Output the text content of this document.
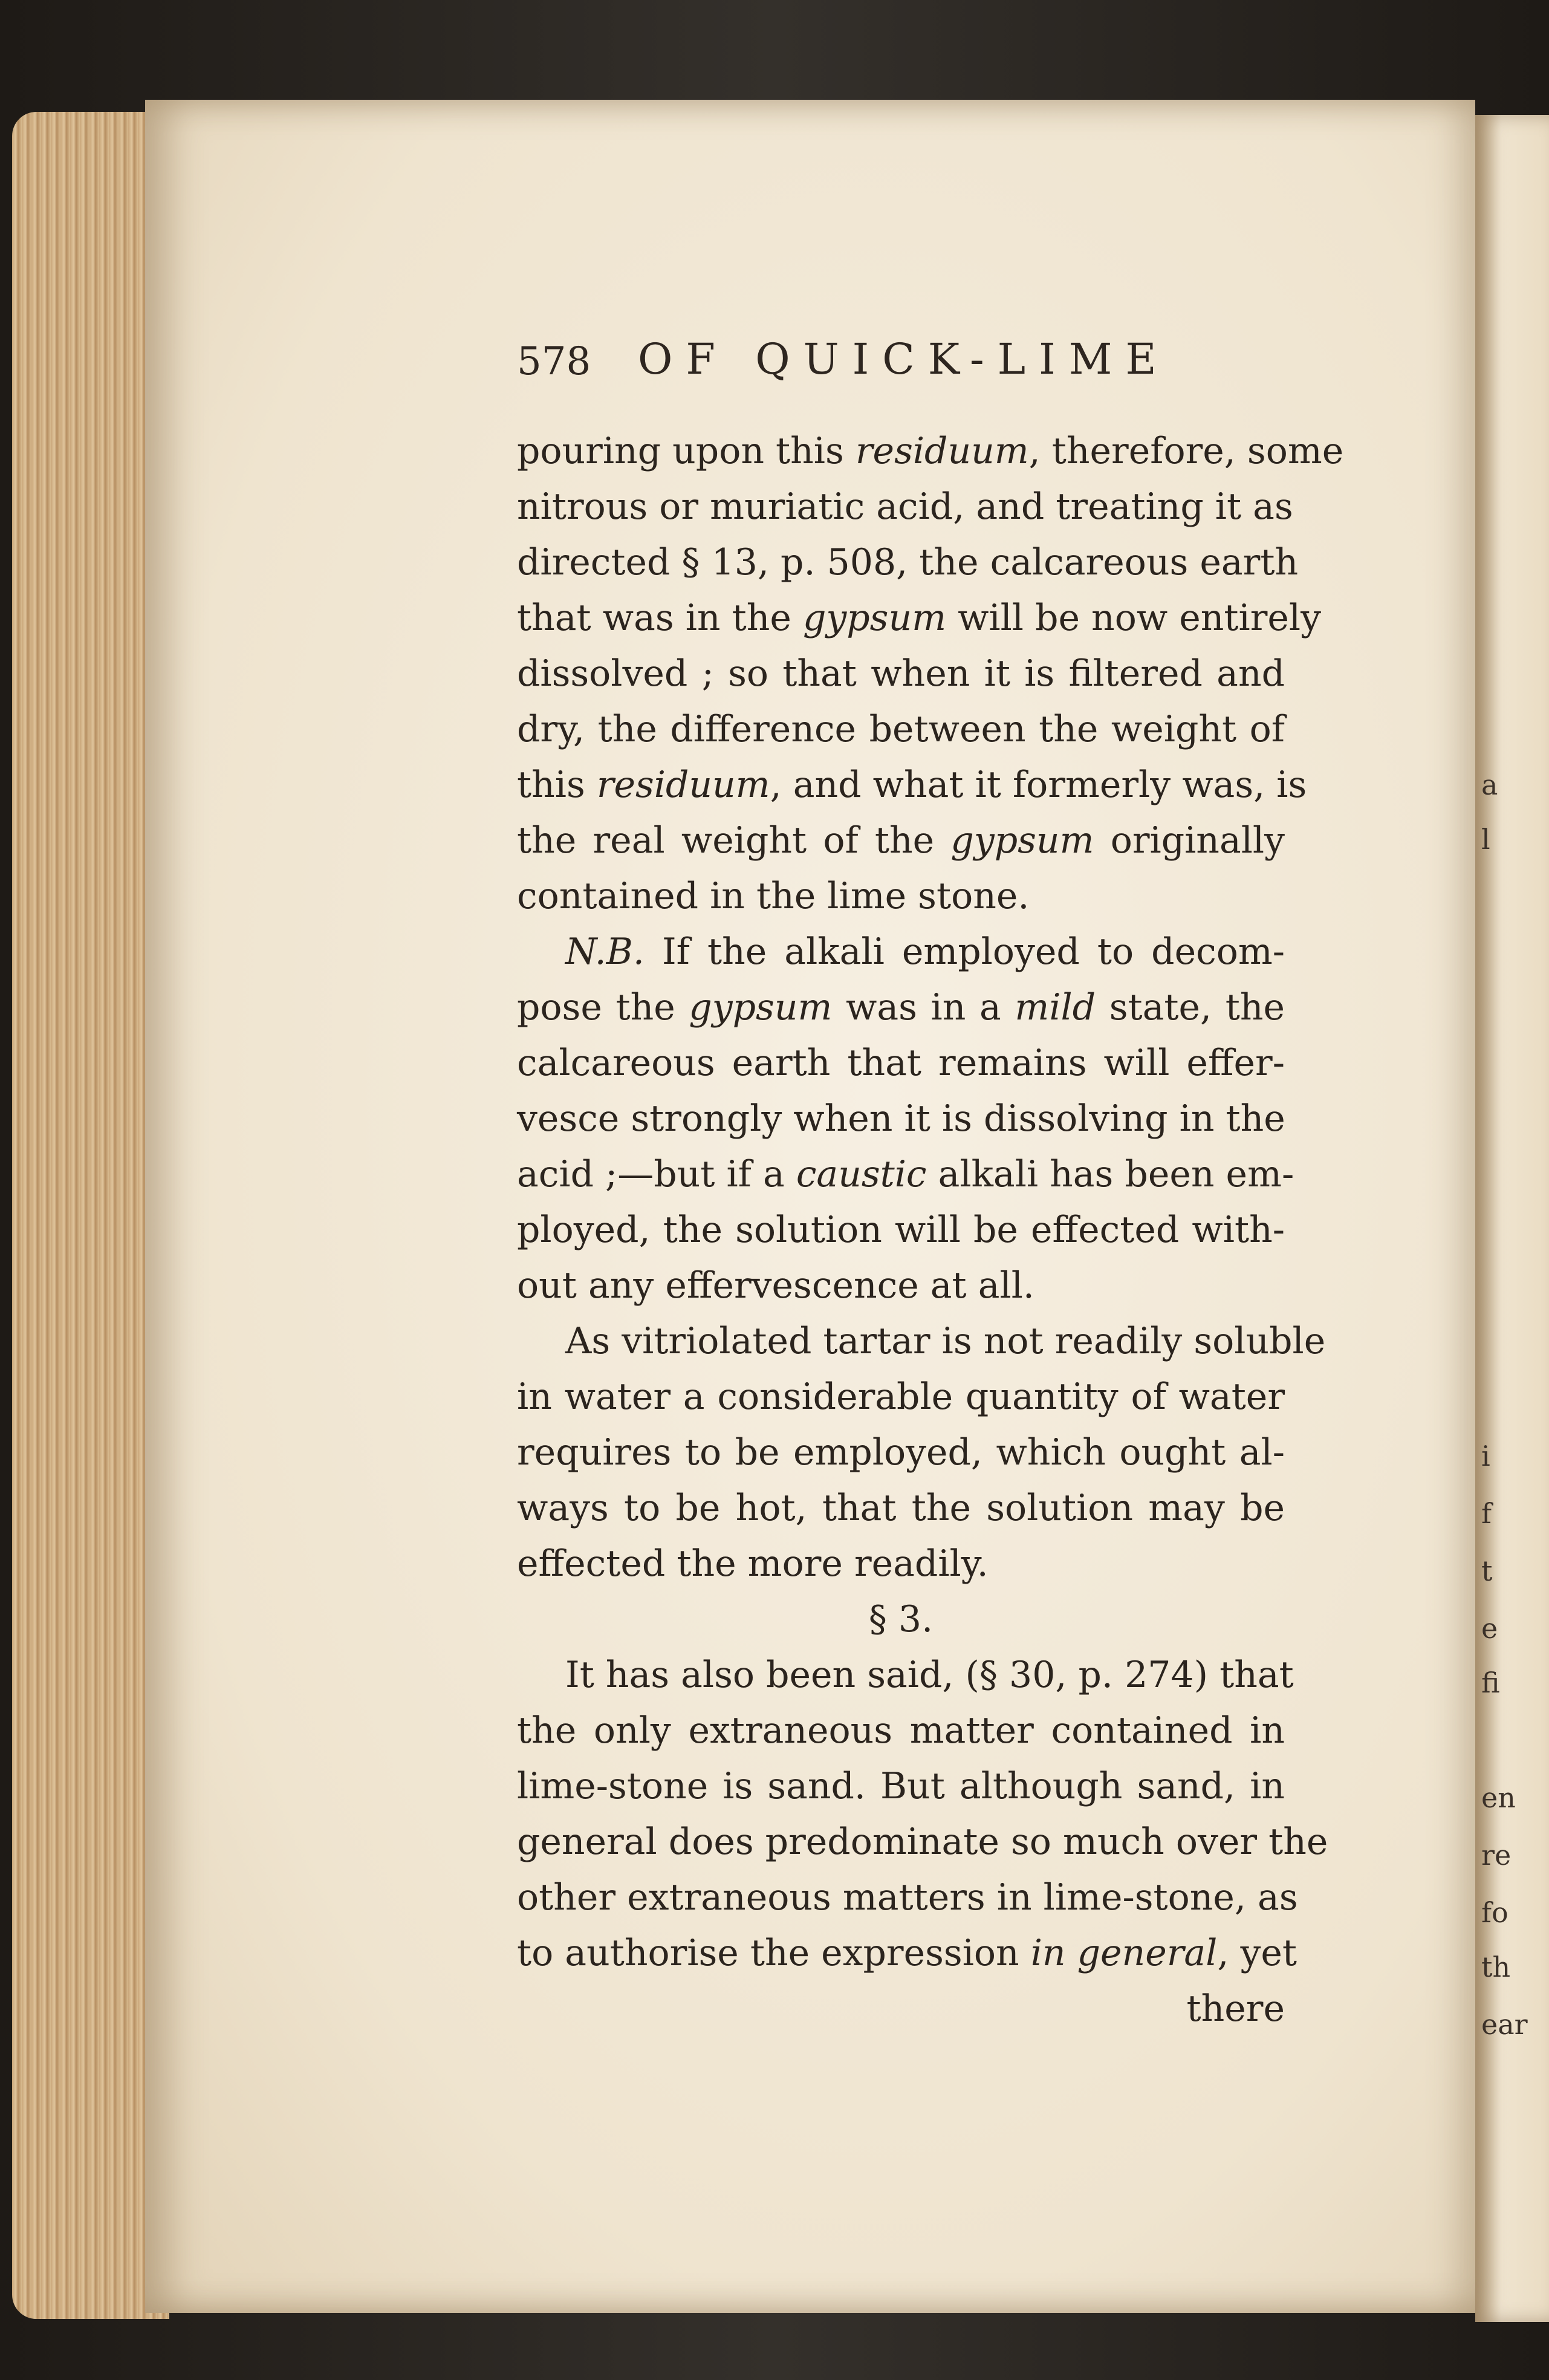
a
l
i
f
t
e
fi
en
re
fo
th
ear
578 OF QUICK-LIME
pouring upon this residuum, therefore, some
nitrous or muriatic acid, and treating it as
directed § 13, p. 508, the calcareous earth
that was in the gypsum will be now entirely
dissolved ; so that when it is filtered and
dry, the difference between the weight of
this residuum, and what it formerly was, is
the real weight of the gypsum originally
contained in the lime stone.
N.B. If the alkali employed to decom-
pose the gypsum was in a mild state, the
calcareous earth that remains will effer-
vesce strongly when it is dissolving in the
acid ;—but if a caustic alkali has been em-
ployed, the solution will be effected with-
out any effervescence at all.
As vitriolated tartar is not readily soluble
in water a considerable quantity of water
requires to be employed, which ought al-
ways to be hot, that the solution may be
effected the more readily.
§ 3.
It has also been said, (§ 30, p. 274) that
the only extraneous matter contained in
lime-stone is sand. But although sand, in
general does predominate so much over the
other extraneous matters in lime-stone, as
to authorise the expression in general, yet
there
